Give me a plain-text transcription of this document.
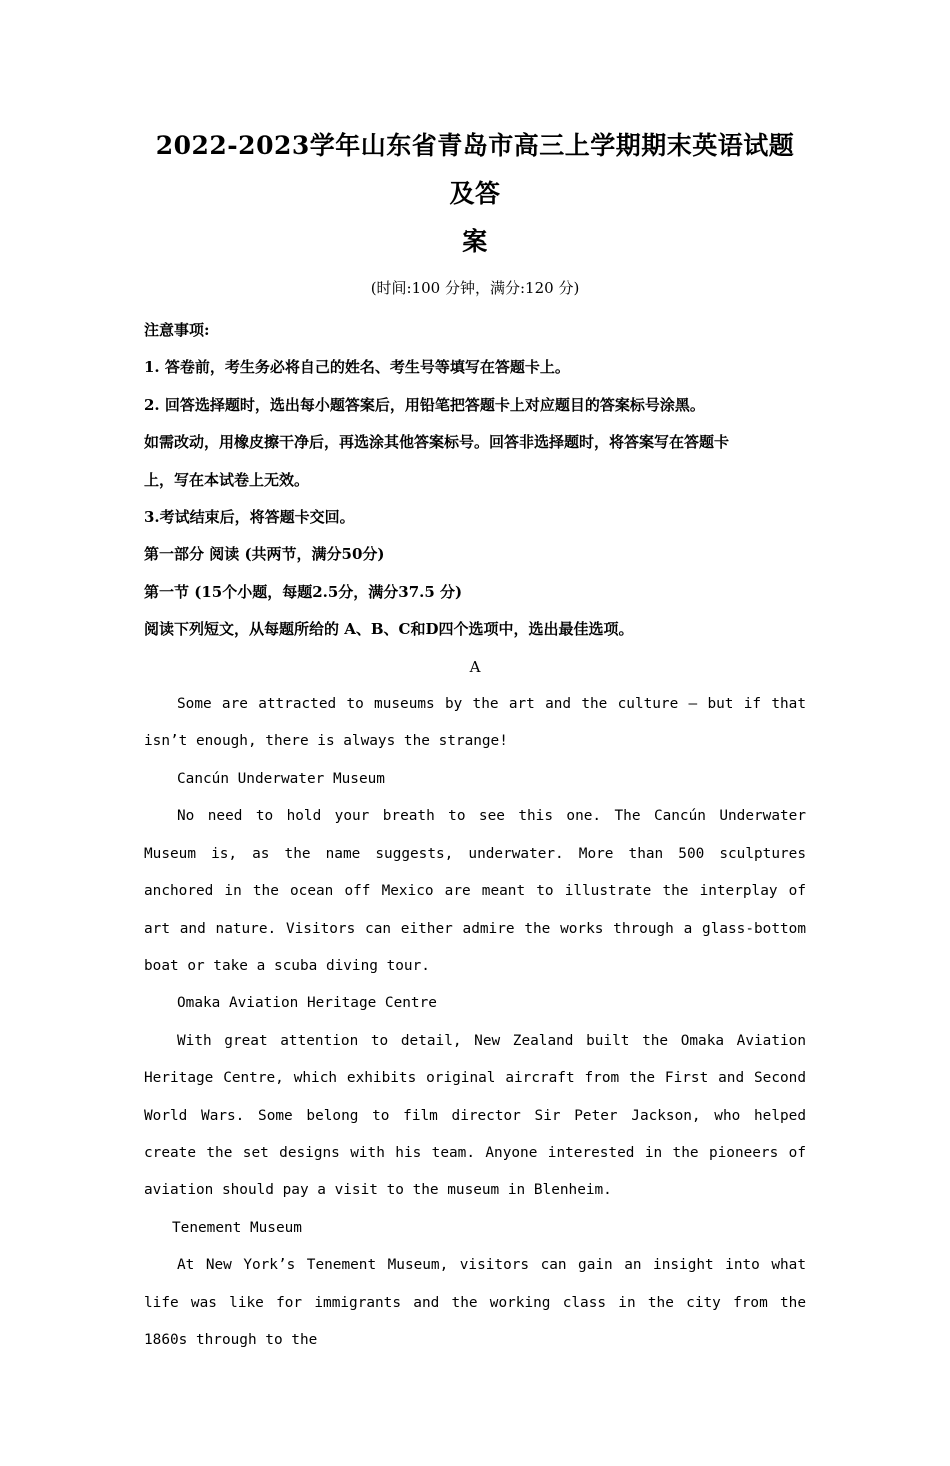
2022-2023学年山东省青岛市高三上学期期末英语试题及答
案
(时间:100 分钟，满分:120 分)
注意事项:
1. 答卷前，考生务必将自己的姓名、考生号等填写在答题卡上。
2. 回答选择题时，选出每小题答案后，用铅笔把答题卡上对应题目的答案标号涂黑。
如需改动，用橡皮擦干净后，再选涂其他答案标号。回答非选择题时，将答案写在答题卡
上，写在本试卷上无效。
3.考试结束后，将答题卡交回。
第一部分 阅读 (共两节，满分50分)
第一节 (15个小题，每题2.5分，满分37.5 分)
阅读下列短文，从每题所给的 A、B、C和D四个选项中，选出最佳选项。
A

Some are attracted to museums by the art and the culture — but if that isn’t enough, there is always the strange!

Cancún Underwater Museum

No need to hold your breath to see this one. The Cancún Underwater Museum is, as the name suggests, underwater. More than 500 sculptures anchored in the ocean off Mexico are meant to illustrate the interplay of art and nature. Visitors can either admire the works through a glass-bottom boat or take a scuba diving tour.

Omaka Aviation Heritage Centre

With great attention to detail, New Zealand built the Omaka Aviation Heritage Centre, which exhibits original aircraft from the First and Second World Wars. Some belong to film director Sir Peter Jackson, who helped create the set designs with his team. Anyone interested in the pioneers of aviation should pay a visit to the museum in Blenheim.

Tenement Museum

At New York’s Tenement Museum, visitors can gain an insight into what life was like for immigrants and the working class in the city from the 1860s through to the
